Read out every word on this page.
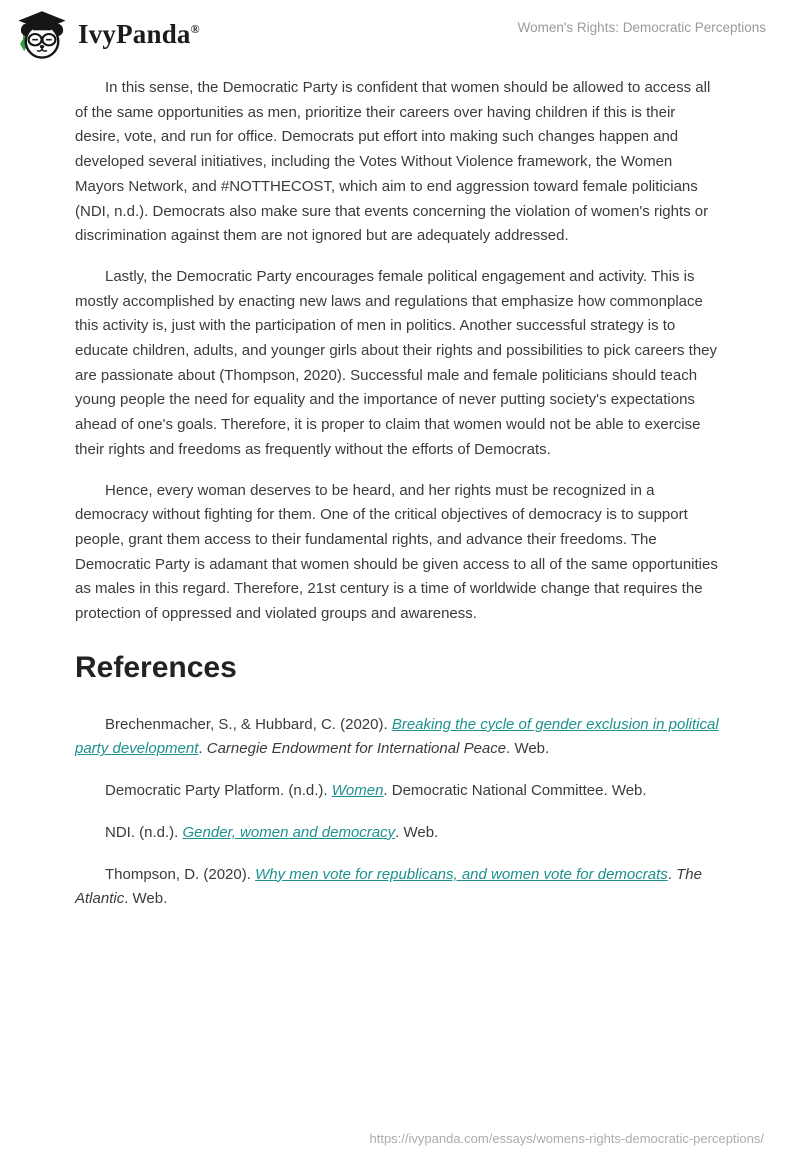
IvyPanda®	Women's Rights: Democratic Perceptions

In this sense, the Democratic Party is confident that women should be allowed to access all of the same opportunities as men, prioritize their careers over having children if this is their desire, vote, and run for office. Democrats put effort into making such changes happen and developed several initiatives, including the Votes Without Violence framework, the Women Mayors Network, and #NOTTHECOST, which aim to end aggression toward female politicians (NDI, n.d.). Democrats also make sure that events concerning the violation of women's rights or discrimination against them are not ignored but are adequately addressed.

Lastly, the Democratic Party encourages female political engagement and activity. This is mostly accomplished by enacting new laws and regulations that emphasize how commonplace this activity is, just with the participation of men in politics. Another successful strategy is to educate children, adults, and younger girls about their rights and possibilities to pick careers they are passionate about (Thompson, 2020). Successful male and female politicians should teach young people the need for equality and the importance of never putting society's expectations ahead of one's goals. Therefore, it is proper to claim that women would not be able to exercise their rights and freedoms as frequently without the efforts of Democrats.

Hence, every woman deserves to be heard, and her rights must be recognized in a democracy without fighting for them. One of the critical objectives of democracy is to support people, grant them access to their fundamental rights, and advance their freedoms. The Democratic Party is adamant that women should be given access to all of the same opportunities as males in this regard. Therefore, 21st century is a time of worldwide change that requires the protection of oppressed and violated groups and awareness.

References

Brechenmacher, S., & Hubbard, C. (2020). Breaking the cycle of gender exclusion in political party development. Carnegie Endowment for International Peace. Web.

Democratic Party Platform. (n.d.). Women. Democratic National Committee. Web.

NDI. (n.d.). Gender, women and democracy. Web.

Thompson, D. (2020). Why men vote for republicans, and women vote for democrats. The Atlantic. Web.

https://ivypanda.com/essays/womens-rights-democratic-perceptions/
